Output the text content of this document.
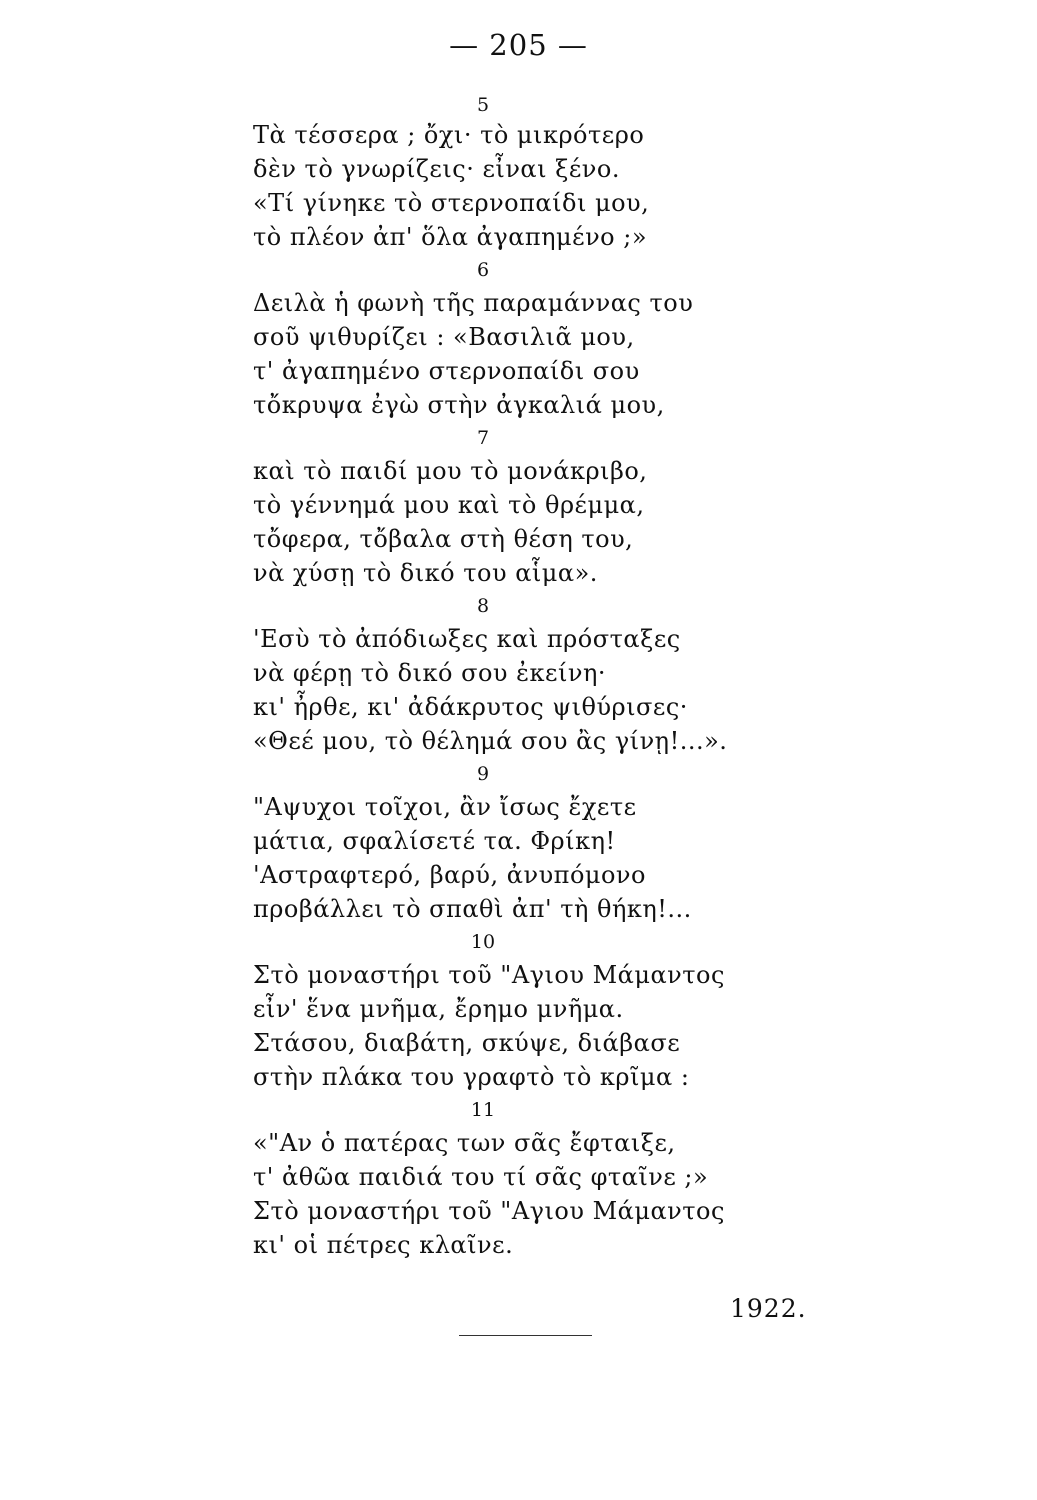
— 205 —
5
Τὰ τέσσερα ; ὄχι· τὸ μικρότερο
δὲν τὸ γνωρίζεις· εἶναι ξένο.
«Τί γίνηκε τὸ στερνοπαίδι μου,
τὸ πλέον ἀπ' ὅλα ἀγαπημένο ;»
6
Δειλὰ ἡ φωνὴ τῆς παραμάννας του
σοῦ ψιθυρίζει : «Βασιλιᾶ μου,
τ' ἀγαπημένο στερνοπαίδι σου
τὄκρυψα ἐγὼ στὴν ἀγκαλιά μου,
7
καὶ τὸ παιδί μου τὸ μονάκριβο,
τὸ γέννημά μου καὶ τὸ θρέμμα,
τὄφερα, τὄβαλα στὴ θέση του,
νὰ χύσῃ τὸ δικό του αἷμα».
8
'Εσὺ τὸ ἀπόδιωξες καὶ πρόσταξες
νὰ φέρῃ τὸ δικό σου ἐκείνη·
κι' ἦρθε, κι' ἀδάκρυτος ψιθύρισες·
«Θεέ μου, τὸ θέλημά σου ἂς γίνῃ!...».
9
"Αψυχοι τοῖχοι, ἂν ἴσως ἔχετε
μάτια, σφαλίσετέ τα. Φρίκη!
'Αστραφτερό, βαρύ, ἀνυπόμονο
προβάλλει τὸ σπαθὶ ἀπ' τὴ θήκη!...
10
Στὸ μοναστήρι τοῦ "Αγιου Μάμαντος
εἶν' ἕνα μνῆμα, ἔρημο μνῆμα.
Στάσου, διαβάτη, σκύψε, διάβασε
στὴν πλάκα του γραφτὸ τὸ κρῖμα :
11
«"Αν ὁ πατέρας των σᾶς ἔφταιξε,
τ' ἀθῶα παιδιά του τί σᾶς φταῖνε ;»
Στὸ μοναστήρι τοῦ "Αγιου Μάμαντος
κι' οἱ πέτρες κλαῖνε.
1922.
